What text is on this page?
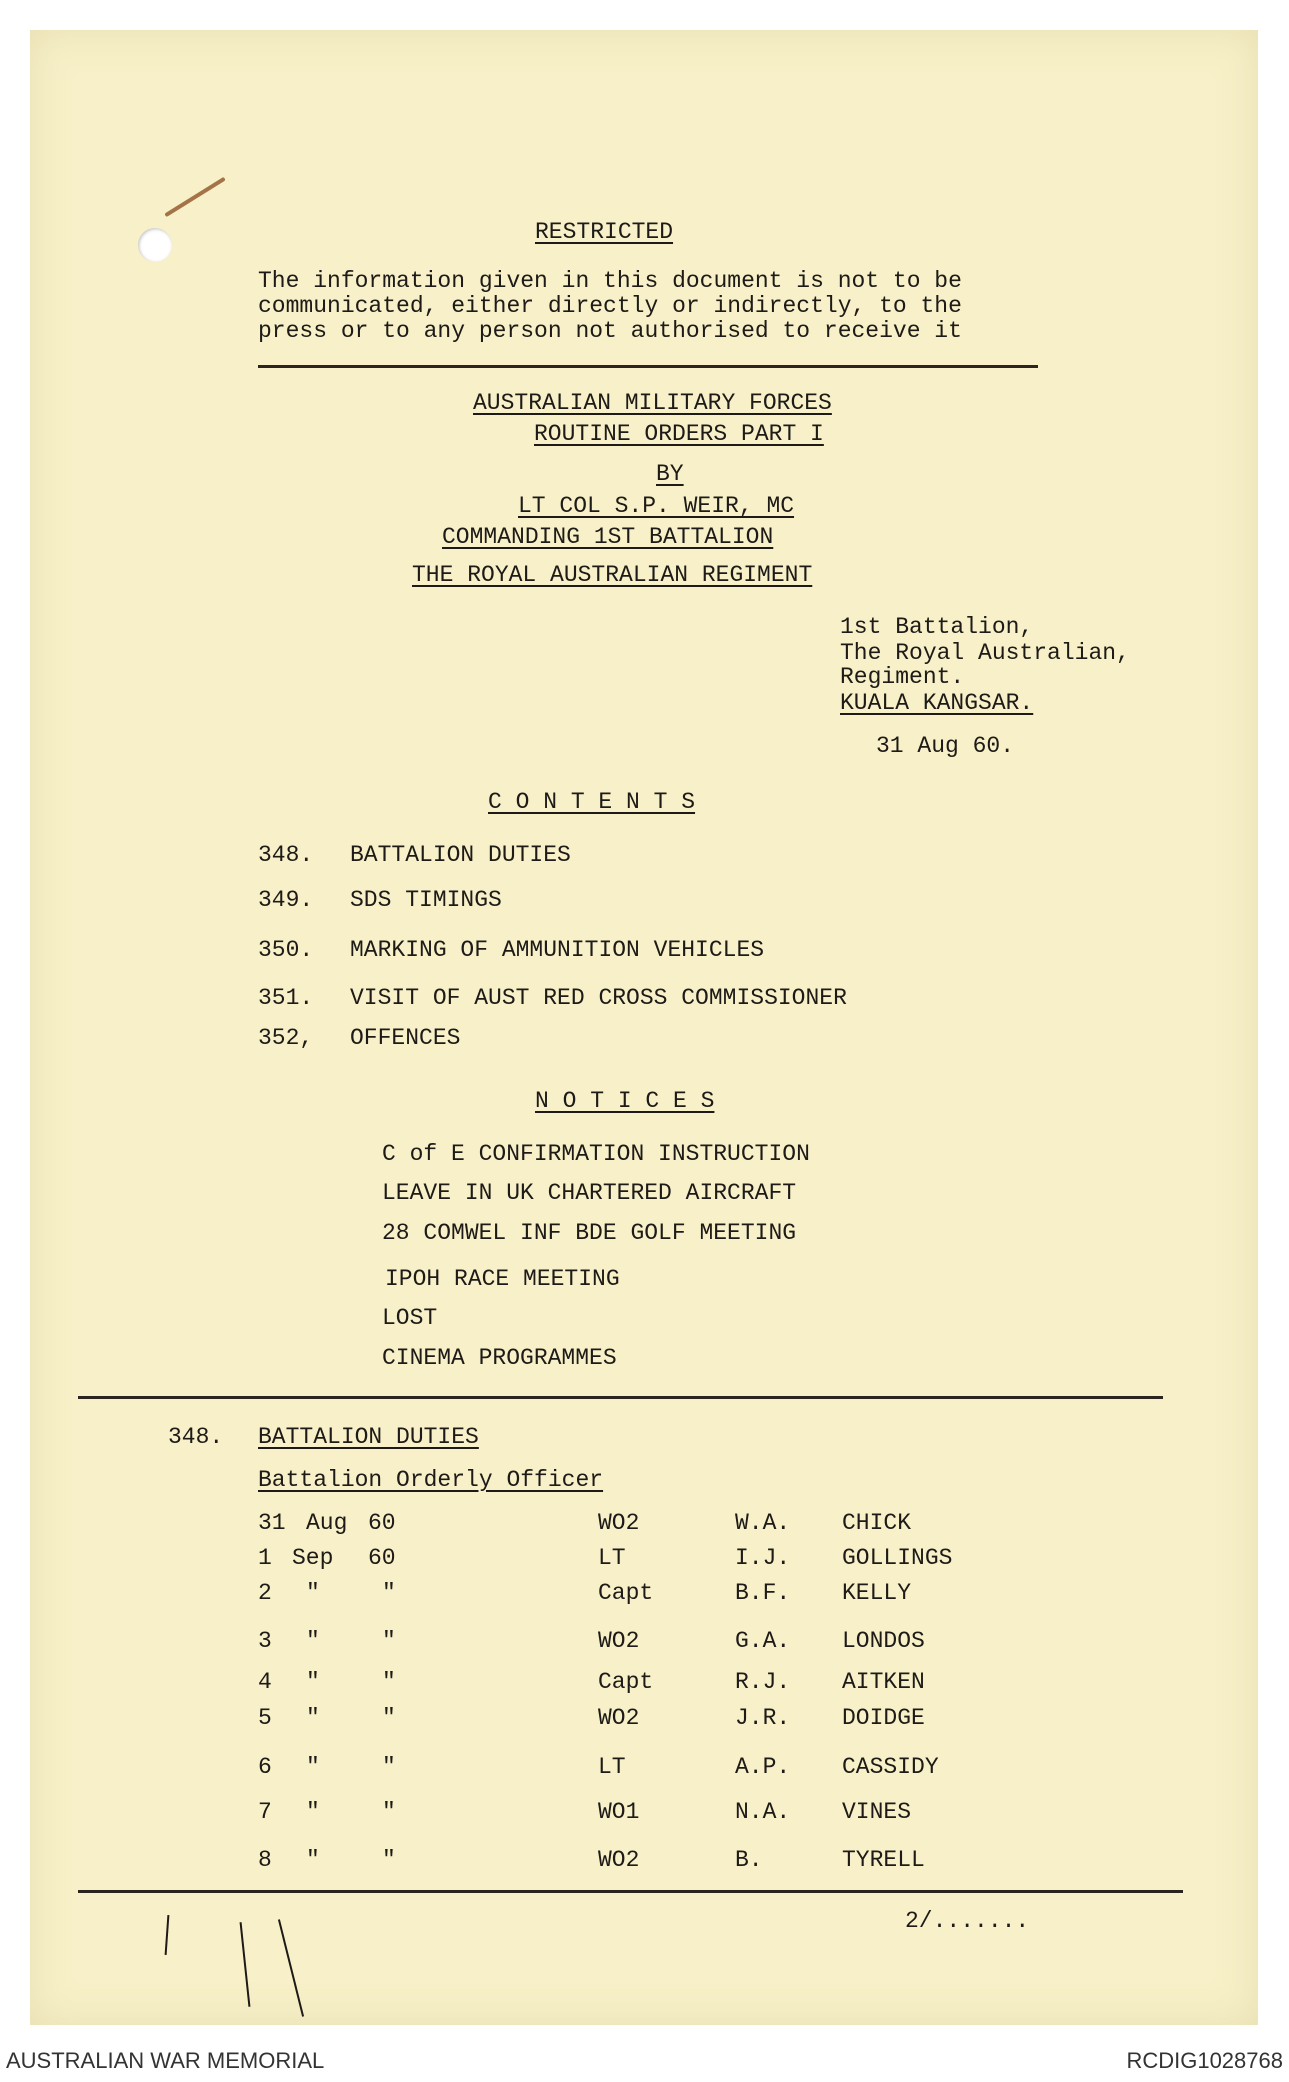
RESTRICTED
The information given in this document is not to be
communicated, either directly or indirectly, to the
press or to any person not authorised to receive it
AUSTRALIAN MILITARY FORCES
ROUTINE ORDERS PART I
BY
LT COL S.P. WEIR, MC
COMMANDING 1ST BATTALION
THE ROYAL AUSTRALIAN REGIMENT
1st Battalion,
The Royal Australian,
Regiment.
KUALA KANGSAR.
31 Aug 60.
C O N T E N T S
348. BATTALION DUTIES
349. SDS TIMINGS
350. MARKING OF AMMUNITION VEHICLES
351. VISIT OF AUST RED CROSS COMMISSIONER
352, OFFENCES
N O T I C E S
C of E CONFIRMATION INSTRUCTION
LEAVE IN UK CHARTERED AIRCRAFT
28 COMWEL INF BDE GOLF MEETING
IPOH RACE MEETING
LOST
CINEMA PROGRAMMES
348. BATTALION DUTIES
Battalion Orderly Officer
31 Aug 60	WO2	W.A. CHICK
1 Sep 60	LT	I.J. GOLLINGS
2 "	"	Capt	B.F. KELLY
3 "	"	WO2	G.A. LONDOS
4 "	"	Capt	R.J. AITKEN
5 "	"	WO2	J.R. DOIDGE
6 "	"	LT	A.P. CASSIDY
7 "	"	WO1	N.A. VINES
8 "	"	WO2	B.	TYRELL
2/.......
AUSTRALIAN WAR MEMORIAL	RCDIG1028768
